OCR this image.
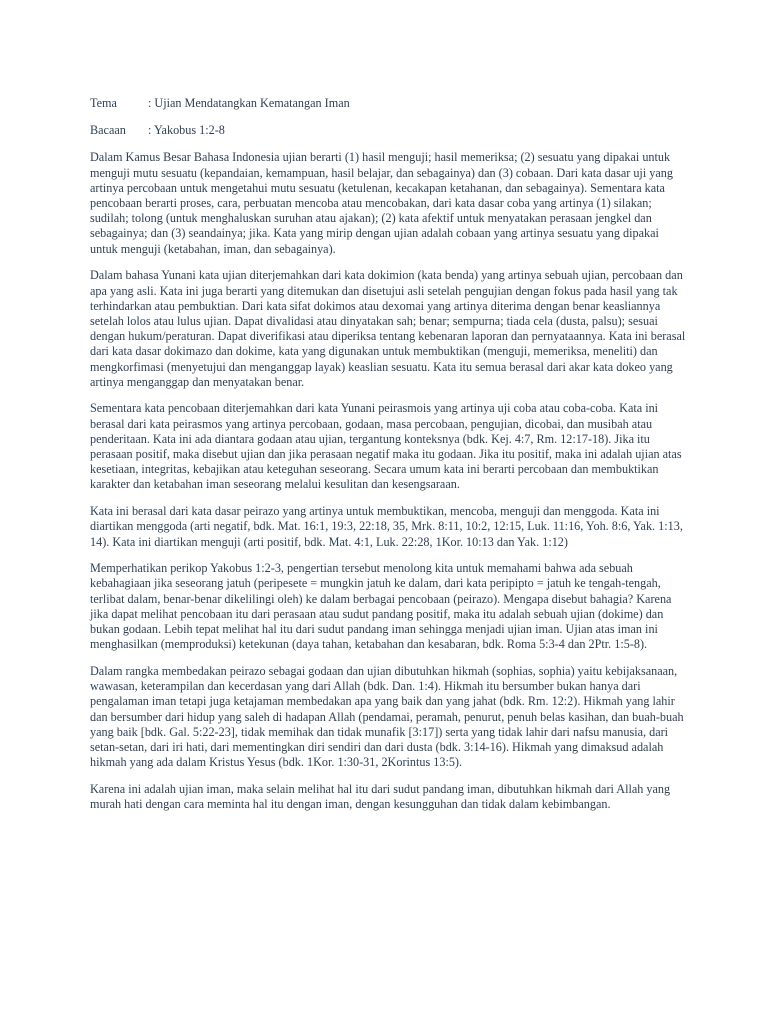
Tema	: Ujian Mendatangkan Kematangan Iman
Bacaan : Yakobus 1:2-8

Dalam Kamus Besar Bahasa Indonesia ujian berarti (1) hasil menguji; hasil memeriksa; (2) sesuatu yang dipakai untuk menguji mutu sesuatu (kepandaian, kemampuan, hasil belajar, dan sebagainya) dan (3) cobaan. Dari kata dasar uji yang artinya percobaan untuk mengetahui mutu sesuatu (ketulenan, kecakapan ketahanan, dan sebagainya). Sementara kata pencobaan berarti proses, cara, perbuatan mencoba atau mencobakan, dari kata dasar coba yang artinya (1) silakan; sudilah; tolong (untuk menghaluskan suruhan atau ajakan); (2) kata afektif untuk menyatakan perasaan jengkel dan sebagainya; dan (3) seandainya; jika. Kata yang mirip dengan ujian adalah cobaan yang artinya sesuatu yang dipakai untuk menguji (ketabahan, iman, dan sebagainya).

Dalam bahasa Yunani kata ujian diterjemahkan dari kata dokimion (kata benda) yang artinya sebuah ujian, percobaan dan apa yang asli. Kata ini juga berarti yang ditemukan dan disetujui asli setelah pengujian dengan fokus pada hasil yang tak terhindarkan atau pembuktian. Dari kata sifat dokimos atau dexomai yang artinya diterima dengan benar keasliannya setelah lolos atau lulus ujian. Dapat divalidasi atau dinyatakan sah; benar; sempurna; tiada cela (dusta, palsu); sesuai dengan hukum/peraturan. Dapat diverifikasi atau diperiksa tentang kebenaran laporan dan pernyataannya. Kata ini berasal dari kata dasar dokimazo dan dokime, kata yang digunakan untuk membuktikan (menguji, memeriksa, meneliti) dan mengkorfimasi (menyetujui dan menganggap layak) keaslian sesuatu. Kata itu semua berasal dari akar kata dokeo yang artinya menganggap dan menyatakan benar.

Sementara kata pencobaan diterjemahkan dari kata Yunani peirasmois yang artinya uji coba atau coba-coba. Kata ini berasal dari kata peirasmos yang artinya percobaan, godaan, masa percobaan, pengujian, dicobai, dan musibah atau penderitaan. Kata ini ada diantara godaan atau ujian, tergantung konteksnya (bdk. Kej. 4:7, Rm. 12:17-18). Jika itu perasaan positif, maka disebut ujian dan jika perasaan negatif maka itu godaan. Jika itu positif, maka ini adalah ujian atas kesetiaan, integritas, kebajikan atau keteguhan seseorang. Secara umum kata ini berarti percobaan dan membuktikan karakter dan ketabahan iman seseorang melalui kesulitan dan kesengsaraan.

Kata ini berasal dari kata dasar peirazo yang artinya untuk membuktikan, mencoba, menguji dan menggoda. Kata ini diartikan menggoda (arti negatif, bdk. Mat. 16:1, 19:3, 22:18, 35, Mrk. 8:11, 10:2, 12:15, Luk. 11:16, Yoh. 8:6, Yak. 1:13, 14). Kata ini diartikan menguji (arti positif, bdk. Mat. 4:1, Luk. 22:28, 1Kor. 10:13 dan Yak. 1:12)

Memperhatikan perikop Yakobus 1:2-3, pengertian tersebut menolong kita untuk memahami bahwa ada sebuah kebahagiaan jika seseorang jatuh (peripesete = mungkin jatuh ke dalam, dari kata peripipto = jatuh ke tengah-tengah, terlibat dalam, benar-benar dikelilingi oleh) ke dalam berbagai pencobaan (peirazo). Mengapa disebut bahagia? Karena jika dapat melihat pencobaan itu dari perasaan atau sudut pandang positif, maka itu adalah sebuah ujian (dokime) dan bukan godaan. Lebih tepat melihat hal itu dari sudut pandang iman sehingga menjadi ujian iman. Ujian atas iman ini menghasilkan (memproduksi) ketekunan (daya tahan, ketabahan dan kesabaran, bdk. Roma 5:3-4 dan 2Ptr. 1:5-8).

Dalam rangka membedakan peirazo sebagai godaan dan ujian dibutuhkan hikmah (sophias, sophia) yaitu kebijaksanaan, wawasan, keterampilan dan kecerdasan yang dari Allah (bdk. Dan. 1:4). Hikmah itu bersumber bukan hanya dari pengalaman iman tetapi juga ketajaman membedakan apa yang baik dan yang jahat (bdk. Rm. 12:2). Hikmah yang lahir dan bersumber dari hidup yang saleh di hadapan Allah (pendamai, peramah, penurut, penuh belas kasihan, dan buah-buah yang baik [bdk. Gal. 5:22-23], tidak memihak dan tidak munafik [3:17]) serta yang tidak lahir dari nafsu manusia, dari setan-setan, dari iri hati, dari mementingkan diri sendiri dan dari dusta (bdk. 3:14-16). Hikmah yang dimaksud adalah hikmah yang ada dalam Kristus Yesus (bdk. 1Kor. 1:30-31, 2Korintus 13:5).

Karena ini adalah ujian iman, maka selain melihat hal itu dari sudut pandang iman, dibutuhkan hikmah dari Allah yang murah hati dengan cara meminta hal itu dengan iman, dengan kesungguhan dan tidak dalam kebimbangan.
